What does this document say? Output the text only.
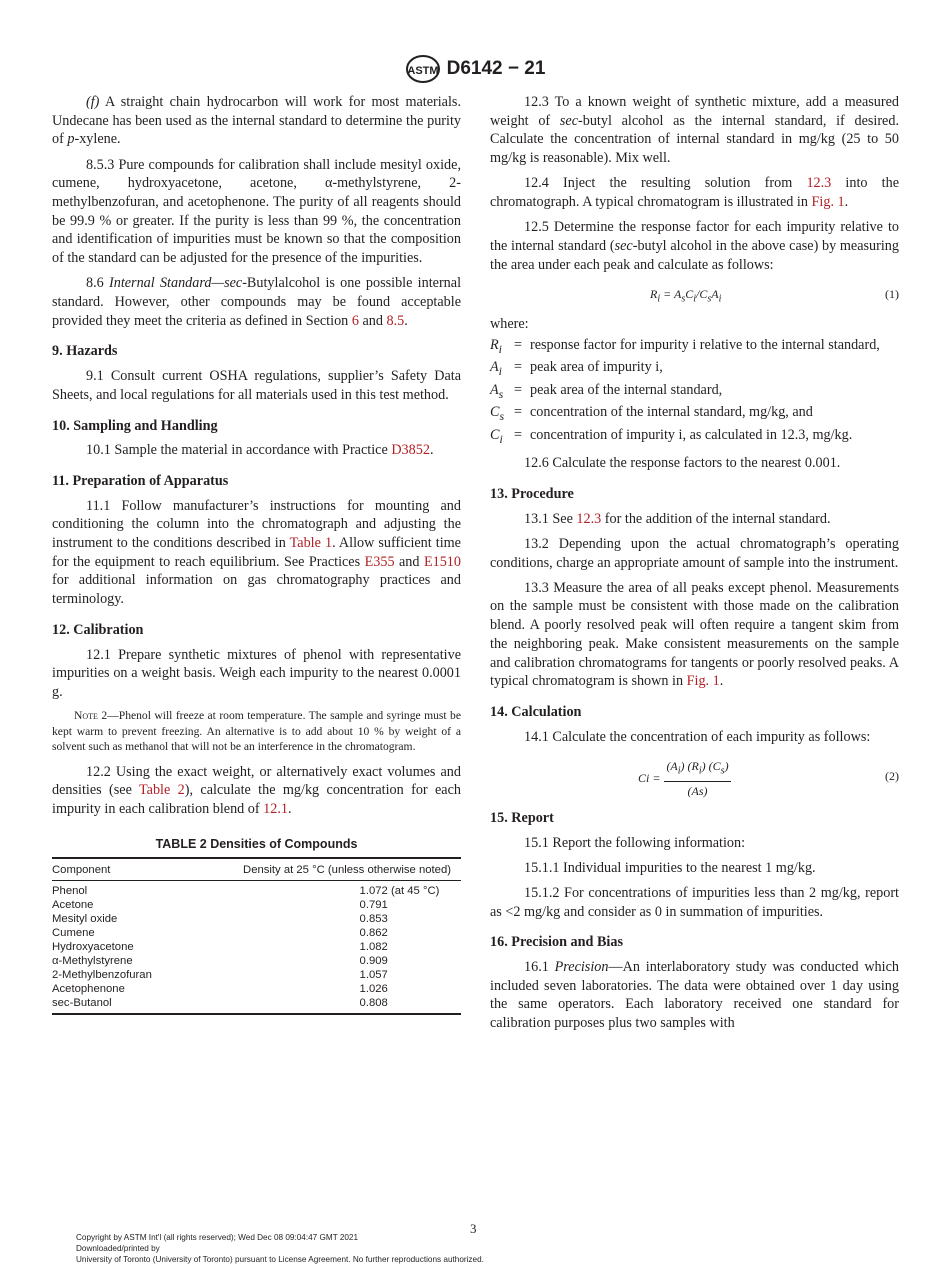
ASTM D6142 − 21
(f) A straight chain hydrocarbon will work for most materials. Undecane has been used as the internal standard to determine the purity of p-xylene.
8.5.3 Pure compounds for calibration shall include mesityl oxide, cumene, hydroxyacetone, acetone, α-methylstyrene, 2-methylbenzofuran, and acetophenone. The purity of all reagents should be 99.9 % or greater. If the purity is less than 99 %, the concentration and identification of impurities must be known so that the composition of the standard can be adjusted for the presence of the impurities.
8.6 Internal Standard—sec-Butylalcohol is one possible internal standard. However, other compounds may be found acceptable provided they meet the criteria as defined in Section 6 and 8.5.
9. Hazards
9.1 Consult current OSHA regulations, supplier’s Safety Data Sheets, and local regulations for all materials used in this test method.
10. Sampling and Handling
10.1 Sample the material in accordance with Practice D3852.
11. Preparation of Apparatus
11.1 Follow manufacturer’s instructions for mounting and conditioning the column into the chromatograph and adjusting the instrument to the conditions described in Table 1. Allow sufficient time for the equipment to reach equilibrium. See Practices E355 and E1510 for additional information on gas chromatography practices and terminology.
12. Calibration
12.1 Prepare synthetic mixtures of phenol with representative impurities on a weight basis. Weigh each impurity to the nearest 0.0001 g.
Note 2—Phenol will freeze at room temperature. The sample and syringe must be kept warm to prevent freezing. An alternative is to add about 10 % by weight of a solvent such as methanol that will not be an interference in the chromatogram.
12.2 Using the exact weight, or alternatively exact volumes and densities (see Table 2), calculate the mg/kg concentration for each impurity in each calibration blend of 12.1.
TABLE 2 Densities of Compounds
Component	Density at 25 °C (unless otherwise noted)
Phenol	1.072 (at 45 °C)
Acetone	0.791
Mesityl oxide	0.853
Cumene	0.862
Hydroxyacetone	1.082
α-Methylstyrene	0.909
2-Methylbenzofuran	1.057
Acetophenone	1.026
sec-Butanol	0.808
12.3 To a known weight of synthetic mixture, add a measured weight of sec-butyl alcohol as the internal standard, if desired. Calculate the concentration of internal standard in mg/kg (25 to 50 mg/kg is reasonable). Mix well.
12.4 Inject the resulting solution from 12.3 into the chromatograph. A typical chromatogram is illustrated in Fig. 1.
12.5 Determine the response factor for each impurity relative to the internal standard (sec-butyl alcohol in the above case) by measuring the area under each peak and calculate as follows:
$R_i = A_sC_i/C_sA_i$	(1)
where:
$R_i$ = response factor for impurity i relative to the internal standard,
$A_i$ = peak area of impurity i,
$A_s$ = peak area of the internal standard,
$C_s$ = concentration of the internal standard, mg/kg, and
$C_i$ = concentration of impurity i, as calculated in 12.3, mg/kg.
12.6 Calculate the response factors to the nearest 0.001.
13. Procedure
13.1 See 12.3 for the addition of the internal standard.
13.2 Depending upon the actual chromatograph’s operating conditions, charge an appropriate amount of sample into the instrument.
13.3 Measure the area of all peaks except phenol. Measurements on the sample must be consistent with those made on the calibration blend. A poorly resolved peak will often require a tangent skim from the neighboring peak. Make consistent measurements on the sample and calibration chromatograms for tangents or poorly resolved peaks. A typical chromatogram is shown in Fig. 1.
14. Calculation
14.1 Calculate the concentration of each impurity as follows:
$Ci = \frac{(A_i) (R_i) (C_s)}{(As)}$	(2)
15. Report
15.1 Report the following information:
15.1.1 Individual impurities to the nearest 1 mg/kg.
15.1.2 For concentrations of impurities less than 2 mg/kg, report as <2 mg/kg and consider as 0 in summation of impurities.
16. Precision and Bias
16.1 Precision—An interlaboratory study was conducted which included seven laboratories. The data were obtained over 1 day using the same operators. Each laboratory received one standard for calibration purposes plus two samples with
3
Copyright by ASTM Int'l (all rights reserved); Wed Dec 08 09:04:47 GMT 2021
Downloaded/printed by
University of Toronto (University of Toronto) pursuant to License Agreement. No further reproductions authorized.
